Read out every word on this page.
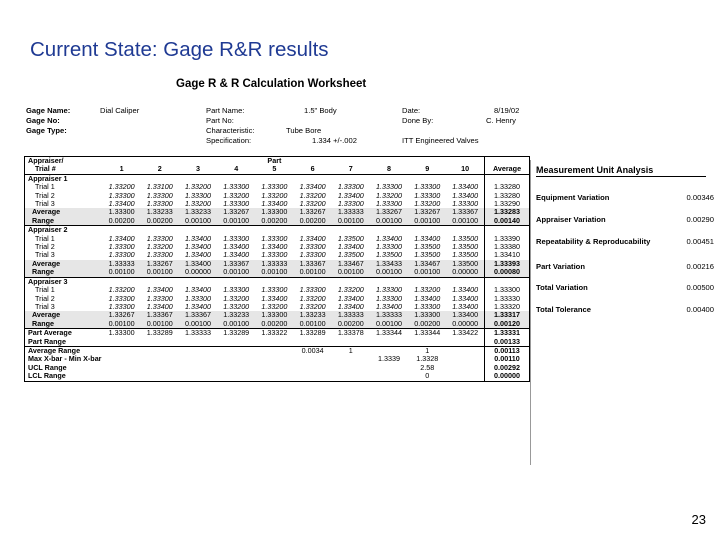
Current State: Gage R&R results
Gage R & R Calculation Worksheet
Gage Name:	Dial Caliper
Gage No:
Gage Type:
Part Name:	1.5" Body
Part No:
Characteristic:	Tube Bore
Specification:	1.334 +/-.002
Date:	8/19/02
Done By:	C. Henry
ITT Engineered Valves
Appraiser/					Part						
Trial #	1	2	3	4	5	6	7	8	9	10	Average
Appraiser 1											
Trial 1	1.33200	1.33100	1.33200	1.33300	1.33300	1.33400	1.33300	1.33300	1.33300	1.33400	1.33280
Trial 2	1.33300	1.33300	1.33300	1.33200	1.33200	1.33200	1.33400	1.33200	1.33300	1.33400	1.33280
Trial 3	1.33400	1.33300	1.33200	1.33300	1.33400	1.33200	1.33300	1.33300	1.33200	1.33300	1.33290
Average	1.33300	1.33233	1.33233	1.33267	1.33300	1.33267	1.33333	1.33267	1.33267	1.33367	1.33283
Range	0.00200	0.00200	0.00100	0.00100	0.00200	0.00200	0.00100	0.00100	0.00100	0.00100	0.00140
Appraiser 2											
Trial 1	1.33400	1.33300	1.33400	1.33300	1.33300	1.33400	1.33500	1.33400	1.33400	1.33500	1.33390
Trial 2	1.33300	1.33200	1.33400	1.33400	1.33400	1.33300	1.33400	1.33300	1.33500	1.33500	1.33380
Trial 3	1.33300	1.33300	1.33400	1.33400	1.33300	1.33300	1.33500	1.33500	1.33500	1.33500	1.33410
Average	1.33333	1.33267	1.33400	1.33367	1.33333	1.33367	1.33467	1.33433	1.33467	1.33500	1.33393
Range	0.00100	0.00100	0.00000	0.00100	0.00100	0.00100	0.00100	0.00100	0.00100	0.00000	0.00080
Appraiser 3											
Trial 1	1.33200	1.33400	1.33400	1.33300	1.33300	1.33300	1.33200	1.33300	1.33200	1.33400	1.33300
Trial 2	1.33300	1.33300	1.33300	1.33200	1.33400	1.33200	1.33400	1.33300	1.33400	1.33400	1.33330
Trial 3	1.33300	1.33400	1.33400	1.33200	1.33200	1.33200	1.33400	1.33400	1.33300	1.33400	1.33320
Average	1.33267	1.33367	1.33367	1.33233	1.33300	1.33233	1.33333	1.33333	1.33300	1.33400	1.33317
Range	0.00100	0.00100	0.00100	0.00100	0.00200	0.00100	0.00200	0.00100	0.00200	0.00000	0.00120
Part Average	1.33300	1.33289	1.33333	1.33289	1.33322	1.33289	1.33378	1.33344	1.33344	1.33422	1.33331
Part Range											0.00133
Average Range						0.0034	1		1		0.00113
Max X-bar - Min X-bar								1.3339	1.3328		0.00110
UCL Range									2.58		0.00292
LCL Range									0		0.00000
Measurement Unit Analysis
Equipment Variation	0.00346
Appraiser Variation	0.00290
Repeatability & Reproducability	0.00451
Part Variation	0.00216
Total Variation	0.00500
Total Tolerance	0.00400
23
